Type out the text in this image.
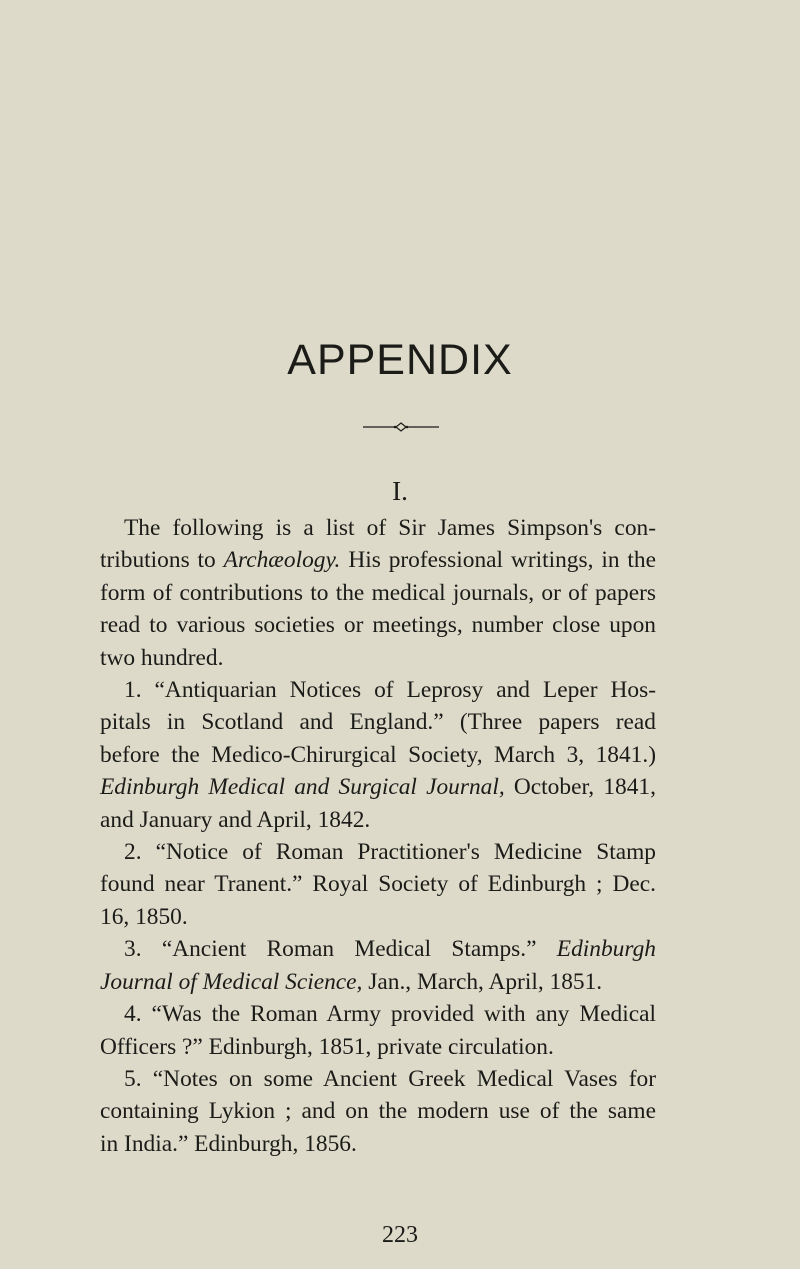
APPENDIX
I.
The following is a list of Sir James Simpson's con-
tributions to Archæology. His professional writings, in the
form of contributions to the medical journals, or of papers
read to various societies or meetings, number close upon
two hundred.
1. “Antiquarian Notices of Leprosy and Leper Hos-
pitals in Scotland and England.” (Three papers read
before the Medico-Chirurgical Society, March 3, 1841.)
Edinburgh Medical and Surgical Journal, October, 1841,
and January and April, 1842.
2. “Notice of Roman Practitioner's Medicine Stamp
found near Tranent.” Royal Society of Edinburgh ; Dec.
16, 1850.
3. “Ancient Roman Medical Stamps.” Edinburgh
Journal of Medical Science, Jan., March, April, 1851.
4. “Was the Roman Army provided with any Medical
Officers ?” Edinburgh, 1851, private circulation.
5. “Notes on some Ancient Greek Medical Vases for
containing Lykion ; and on the modern use of the same
in India.” Edinburgh, 1856.
223
